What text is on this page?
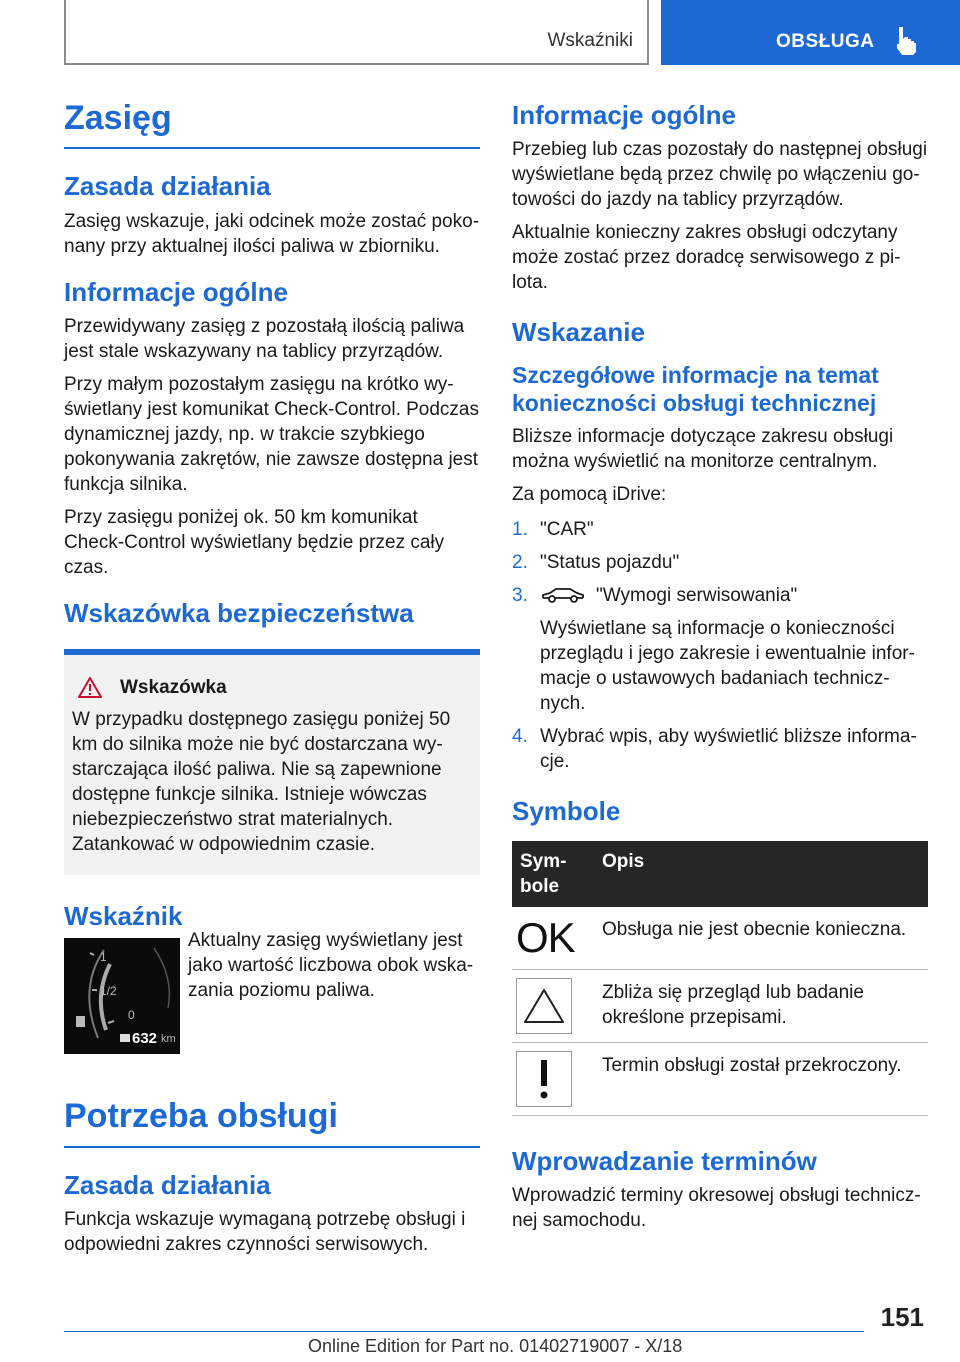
Wskaźniki	OBSŁUGA
Zasięg
Zasada działania

Zasięg wskazuje, jaki odcinek może zostać pokonany przy aktualnej ilości paliwa w zbiorniku.

Informacje ogólne

Przewidywany zasięg z pozostałą ilością paliwa jest stale wskazywany na tablicy przyrządów.

Przy małym pozostałym zasięgu na krótko wyświetlany jest komunikat Check-Control. Podczas dynamicznej jazdy, np. w trakcie szybkiego pokonywania zakrętów, nie zawsze dostępna jest funkcja silnika.

Przy zasięgu poniżej ok. 50 km komunikat Check-Control wyświetlany będzie przez cały czas.

Wskazówka bezpieczeństwa
Wskazówka

W przypadku dostępnego zasięgu poniżej 50 km do silnika może nie być dostarczana wystarczająca ilość paliwa. Nie są zapewnione dostępne funkcje silnika. Istnieje wówczas niebezpieczeństwo strat materialnych. Zatankować w odpowiednim czasie.

Wskaźnik
1
1/2
0
632 km

Aktualny zasięg wyświetlany jest jako wartość liczbowa obok wskazania poziomu paliwa.

Potrzeba obsługi
Zasada działania

Funkcja wskazuje wymaganą potrzebę obsługi i odpowiedni zakres czynności serwisowych.

Informacje ogólne

Przebieg lub czas pozostały do następnej obsługi wyświetlane będą przez chwilę po włączeniu gotowości do jazdy na tablicy przyrządów.

Aktualnie konieczny zakres obsługi odczytany może zostać przez doradcę serwisowego z pilota.

Wskazanie
Szczegółowe informacje na temat konieczności obsługi technicznej

Bliższe informacje dotyczące zakresu obsługi można wyświetlić na monitorze centralnym.

Za pomocą iDrive:

1. "CAR"
2. "Status pojazdu"
3.	"Wymogi serwisowania"
Wyświetlane są informacje o konieczności przeglądu i jego zakresie i ewentualnie informacje o ustawowych badaniach technicznych.
4. Wybrać wpis, aby wyświetlić bliższe informacje.
Symbole
Symbole	Opis
OK	Obsługa nie jest obecnie konieczna.

	Zbliża się przegląd lub badanie określone przepisami.

	Termin obsługi został przekroczony.
Wprowadzanie terminów

Wprowadzić terminy okresowej obsługi technicznej samochodu.

151
Online Edition for Part no. 01402719007 - X/18
